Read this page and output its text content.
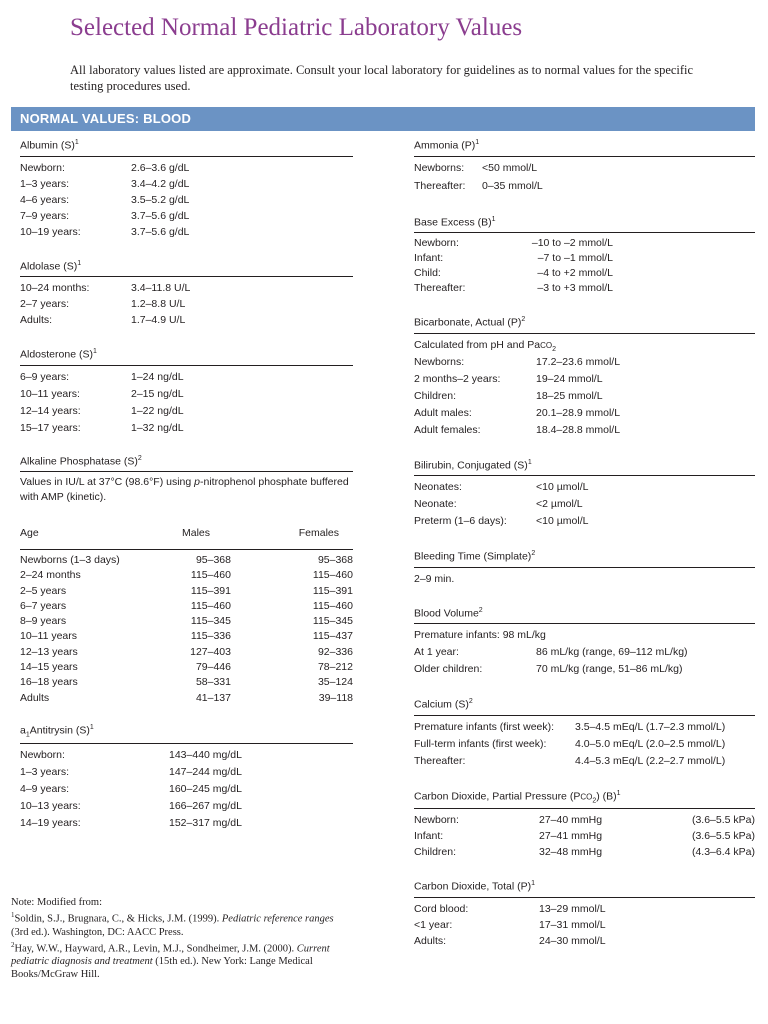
Selected Normal Pediatric Laboratory Values

All laboratory values listed are approximate. Consult your local laboratory for guidelines as to normal values for the specific testing procedures used.

NORMAL VALUES: BLOOD
Albumin $(S)^1$
Newborn:	2.6–3.6 g/dL
1–3 years:	3.4–4.2 g/dL
4–6 years:	3.5–5.2 g/dL
7–9 years:	3.7–5.6 g/dL
10–19 years:	3.7–5.6 g/dL
Aldolase $(S)^1$
10–24 months:	3.4–11.8 U/L
2–7 years:	1.2–8.8 U/L
Adults:	1.7–4.9 U/L
Aldosterone $(S)^1$
6–9 years:	1–24 ng/dL
10–11 years:	2–15 ng/dL
12–14 years:	1–22 ng/dL
15–17 years:	1–32 ng/dL
Alkaline Phosphatase $(S)^2$
Values in IU/L at 37°C (98.6°F) using p-nitrophenol phosphate buffered
with AMP (kinetic).
Age	Males	Females
Newborns (1–3 days)	95–368	95–368
2–24 months	115–460	115–460
2–5 years	115–391	115–391
6–7 years	115–460	115–460
8–9 years	115–345	115–345
10–11 years	115–336	115–437
12–13 years	127–403	92–336
14–15 years	79–446	78–212
16–18 years	58–331	35–124
Adults	41–137	39–118
$a_1Antitrysin$ $(S)^1$
Newborn:	143–440 mg/dL
1–3 years:	147–244 mg/dL
4–9 years:	160–245 mg/dL
10–13 years:	166–267 mg/dL
14–19 years:	152–317 mg/dL
Note: Modified from:
$^1$Soldin, S.J., Brugnara, C., & Hicks, J.M. (1999). Pediatric reference ranges (3rd ed.). Washington, DC: AACC Press.
$^2$Hay, W.W., Hayward, A.R., Levin, M.J., Sondheimer, J.M. (2000). Current pediatric diagnosis and treatment (15th ed.). New York: Lange Medical Books/McGraw Hill.
Ammonia $(P)^1$
Newborns: <50 mmol/L
Thereafter: 0–35 mmol/L
Base Excess $(B)^1$
Newborn:	–10 to –2 mmol/L
Infant:	–7 to –1 mmol/L
Child:	–4 to +2 mmol/L
Thereafter:	–3 to +3 mmol/L
Bicarbonate, Actual $(P)^2$
Calculated from pH and PaCO$_2$
Newborns:	17.2–23.6 mmol/L
2 months–2 years:	19–24 mmol/L
Children:	18–25 mmol/L
Adult males:	20.1–28.9 mmol/L
Adult females:	18.4–28.8 mmol/L
Bilirubin, Conjugated $(S)^1$
Neonates:	<10 µmol/L
Neonate:	<2 µmol/L
Preterm (1–6 days):	<10 µmol/L
Bleeding Time (Simplate)$^2$
2–9 min.
Blood Volume$^2$
Premature infants: 98 mL/kg
At 1 year:	86 mL/kg (range, 69–112 mL/kg)
Older children:	70 mL/kg (range, 51–86 mL/kg)
Calcium $(S)^2$
Premature infants (first week): 3.5–4.5 mEq/L (1.7–2.3 mmol/L)
Full-term infants (first week):	4.0–5.0 mEq/L (2.0–2.5 mmol/L)
Thereafter:	4.4–5.3 mEq/L (2.2–2.7 mmol/L)
Carbon Dioxide, Partial Pressure $(PCO_2)$ $(B)^1$
Newborn:	27–40 mmHg	(3.6–5.5 kPa)
Infant:	27–41 mmHg	(3.6–5.5 kPa)
Children:	32–48 mmHg	(4.3–6.4 kPa)
Carbon Dioxide, Total $(P)^1$
Cord blood:	13–29 mmol/L
<1 year:	17–31 mmol/L
Adults:	24–30 mmol/L
